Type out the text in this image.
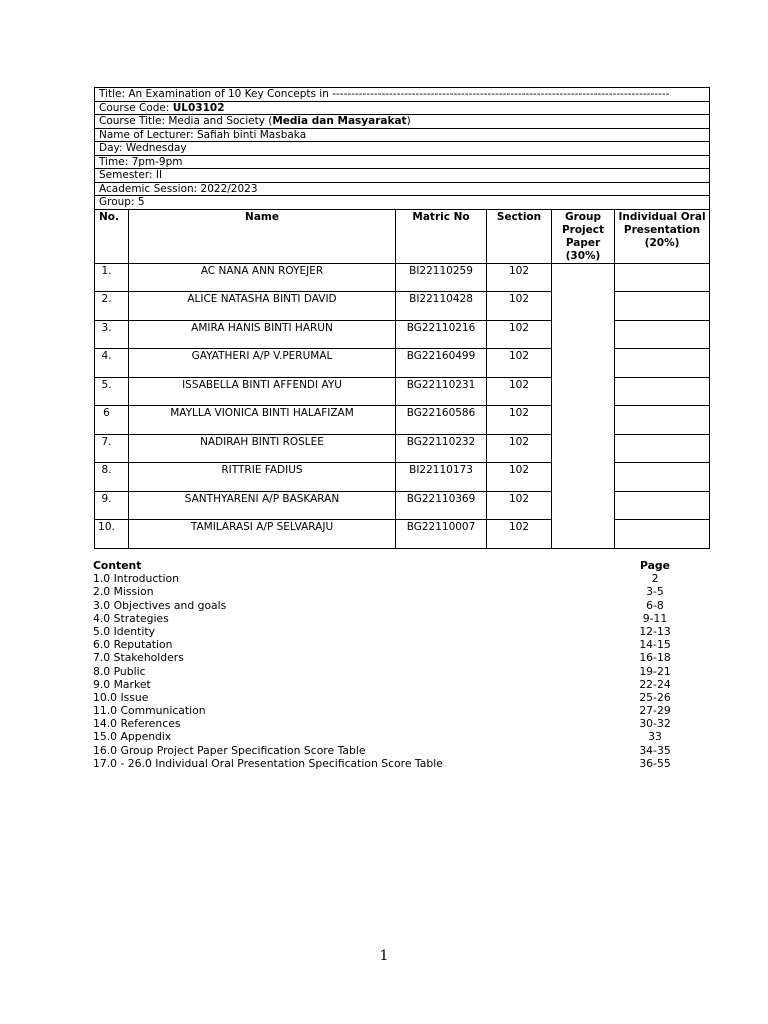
Title: An Examination of 10 Key Concepts in -----------------------------------------------------------------------------------------					
Course Code: UL03102					
Course Title: Media and Society (Media dan Masyarakat)					
Name of Lecturer: Safiah binti Masbaka					
Day: Wednesday					
Time: 7pm-9pm					
Semester: II					
Academic Session: 2022/2023					
Group: 5					
No.	Name	Matric No	Section	Group Project Paper (30%)	Individual Oral Presentation (20%)
1.	AC NANA ANN ROYEJER	BI22110259	102		
2.	ALICE NATASHA BINTI DAVID	BI22110428	102		
3.	AMIRA HANIS BINTI HARUN	BG22110216	102		
4.	GAYATHERI A/P V.PERUMAL	BG22160499	102		
5.	ISSABELLA BINTI AFFENDI AYU	BG22110231	102		
6	MAYLLA VIONICA BINTI HALAFIZAM	BG22160586	102		
7.	NADIRAH BINTI ROSLEE	BG22110232	102		
8.	RITTRIE FADIUS	BI22110173	102		
9.	SANTHYARENI A/P BASKARAN	BG22110369	102		
10.	TAMILARASI A/P SELVARAJU	BG22110007	102		
Content	Page
1.0 Introduction	2
2.0 Mission	3-5
3.0 Objectives and goals	6-8
4.0 Strategies	9-11
5.0 Identity	12-13
6.0 Reputation	14-15
7.0 Stakeholders	16-18
8.0 Public	19-21
9.0 Market	22-24
10.0 Issue	25-26
11.0 Communication	27-29
14.0 References	30-32
15.0 Appendix	33
16.0 Group Project Paper Specification Score Table	34-35
17.0 - 26.0 Individual Oral Presentation Specification Score Table	36-55
1
